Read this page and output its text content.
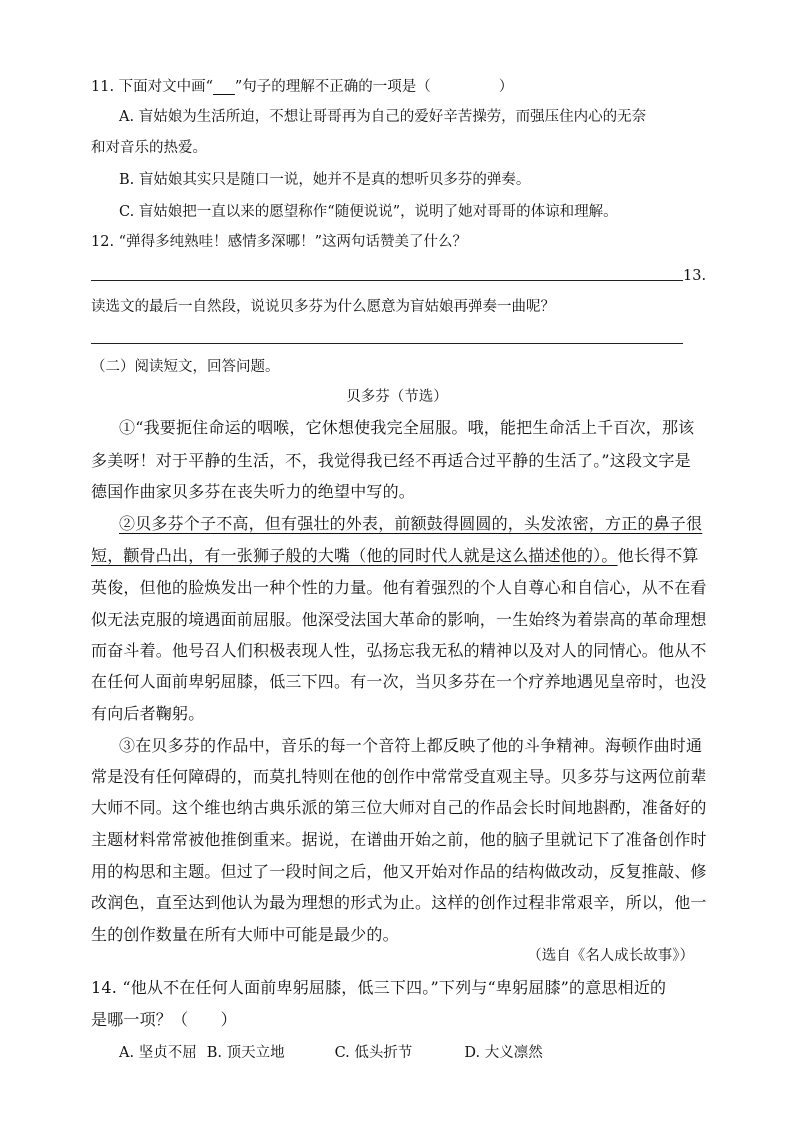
11. 下面对文中画“___”句子的理解不正确的一项是（	）
A. 盲姑娘为生活所迫，不想让哥哥再为自己的爱好辛苦操劳，而强压住内心的无奈
和对音乐的热爱。
B. 盲姑娘其实只是随口一说，她并不是真的想听贝多芬的弹奏。
C. 盲姑娘把一直以来的愿望称作“随便说说”，说明了她对哥哥的体谅和理解。
12. “弹得多纯熟哇！感情多深哪！”这两句话赞美了什么？
13.
读选文的最后一自然段，说说贝多芬为什么愿意为盲姑娘再弹奏一曲呢？
（二）阅读短文，回答问题。
贝多芬（节选）
①“我要扼住命运的咽喉，它休想使我完全屈服。哦，能把生命活上千百次，那该
多美呀！对于平静的生活，不，我觉得我已经不再适合过平静的生活了。”这段文字是
德国作曲家贝多芬在丧失听力的绝望中写的。
②贝多芬个子不高，但有强壮的外表，前额鼓得圆圆的，头发浓密，方正的鼻子很
短，颧骨凸出，有一张狮子般的大嘴（他的同时代人就是这么描述他的）。他长得不算
英俊，但他的脸焕发出一种个性的力量。他有着强烈的个人自尊心和自信心，从不在看
似无法克服的境遇面前屈服。他深受法国大革命的影响，一生始终为着崇高的革命理想
而奋斗着。他号召人们积极表现人性，弘扬忘我无私的精神以及对人的同情心。他从不
在任何人面前卑躬屈膝，低三下四。有一次，当贝多芬在一个疗养地遇见皇帝时，也没
有向后者鞠躬。
③在贝多芬的作品中，音乐的每一个音符上都反映了他的斗争精神。海顿作曲时通
常是没有任何障碍的，而莫扎特则在他的创作中常常受直观主导。贝多芬与这两位前辈
大师不同。这个维也纳古典乐派的第三位大师对自己的作品会长时间地斟酌，准备好的
主题材料常常被他推倒重来。据说，在谱曲开始之前，他的脑子里就记下了准备创作时
用的构思和主题。但过了一段时间之后，他又开始对作品的结构做改动，反复推敲、修
改润色，直至达到他认为最为理想的形式为止。这样的创作过程非常艰辛，所以，他一
生的创作数量在所有大师中可能是最少的。
（选自《名人成长故事》）
14. “他从不在任何人面前卑躬屈膝，低三下四。”下列与“卑躬屈膝”的意思相近的
是哪一项？（　　）
A. 坚贞不屈 B. 顶天立地	C. 低头折节	D. 大义凛然
